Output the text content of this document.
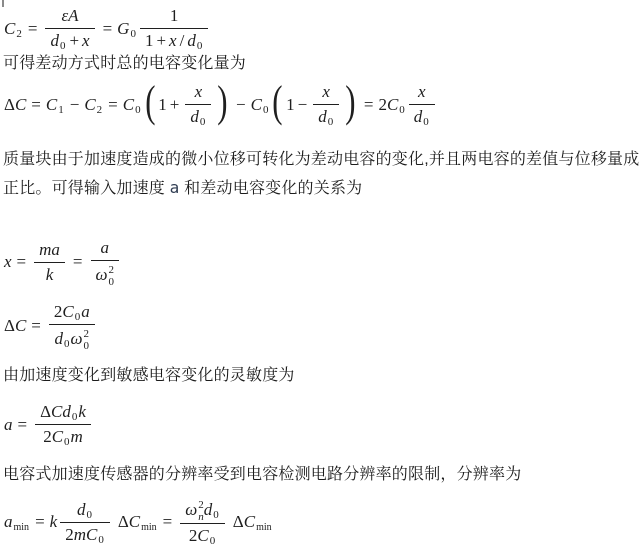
C $2 = \frac{\varepsilon A}{d 0 + x} = G$ $0 \frac{1}{1 + x / d 0}$
可得差动方式时总的电容变化量为
Δ C = C 1 − C 2 = C 0 ( $1 + \frac{x}{d 0}$ ) − C 0 ( $1 - \frac{x}{d 0}$ ) = 2 C $0 \frac{x}{d 0}$
质量块由于加速度造成的微小位移可转化为差动电容的变化,并且两电容的差值与位移量成正比。可得输入加速度 a 和差动电容变化的关系为
$x = \frac{ma}{k} = a$
ω 2
0
Δ C = 2 C 0 a
d 0 ω 2
0
由加速度变化到敏感电容变化的灵敏度为
a =
Δ C d 0 k
2 C 0 m
电容式加速度传感器的分辨率受到电容检测电路分辨率的限制，分辨率为
a min = k $\frac{d 0}{\text{2 m C 0}}$ Δ C min = ω 2
n d 0
2 C 0 Δ C min
